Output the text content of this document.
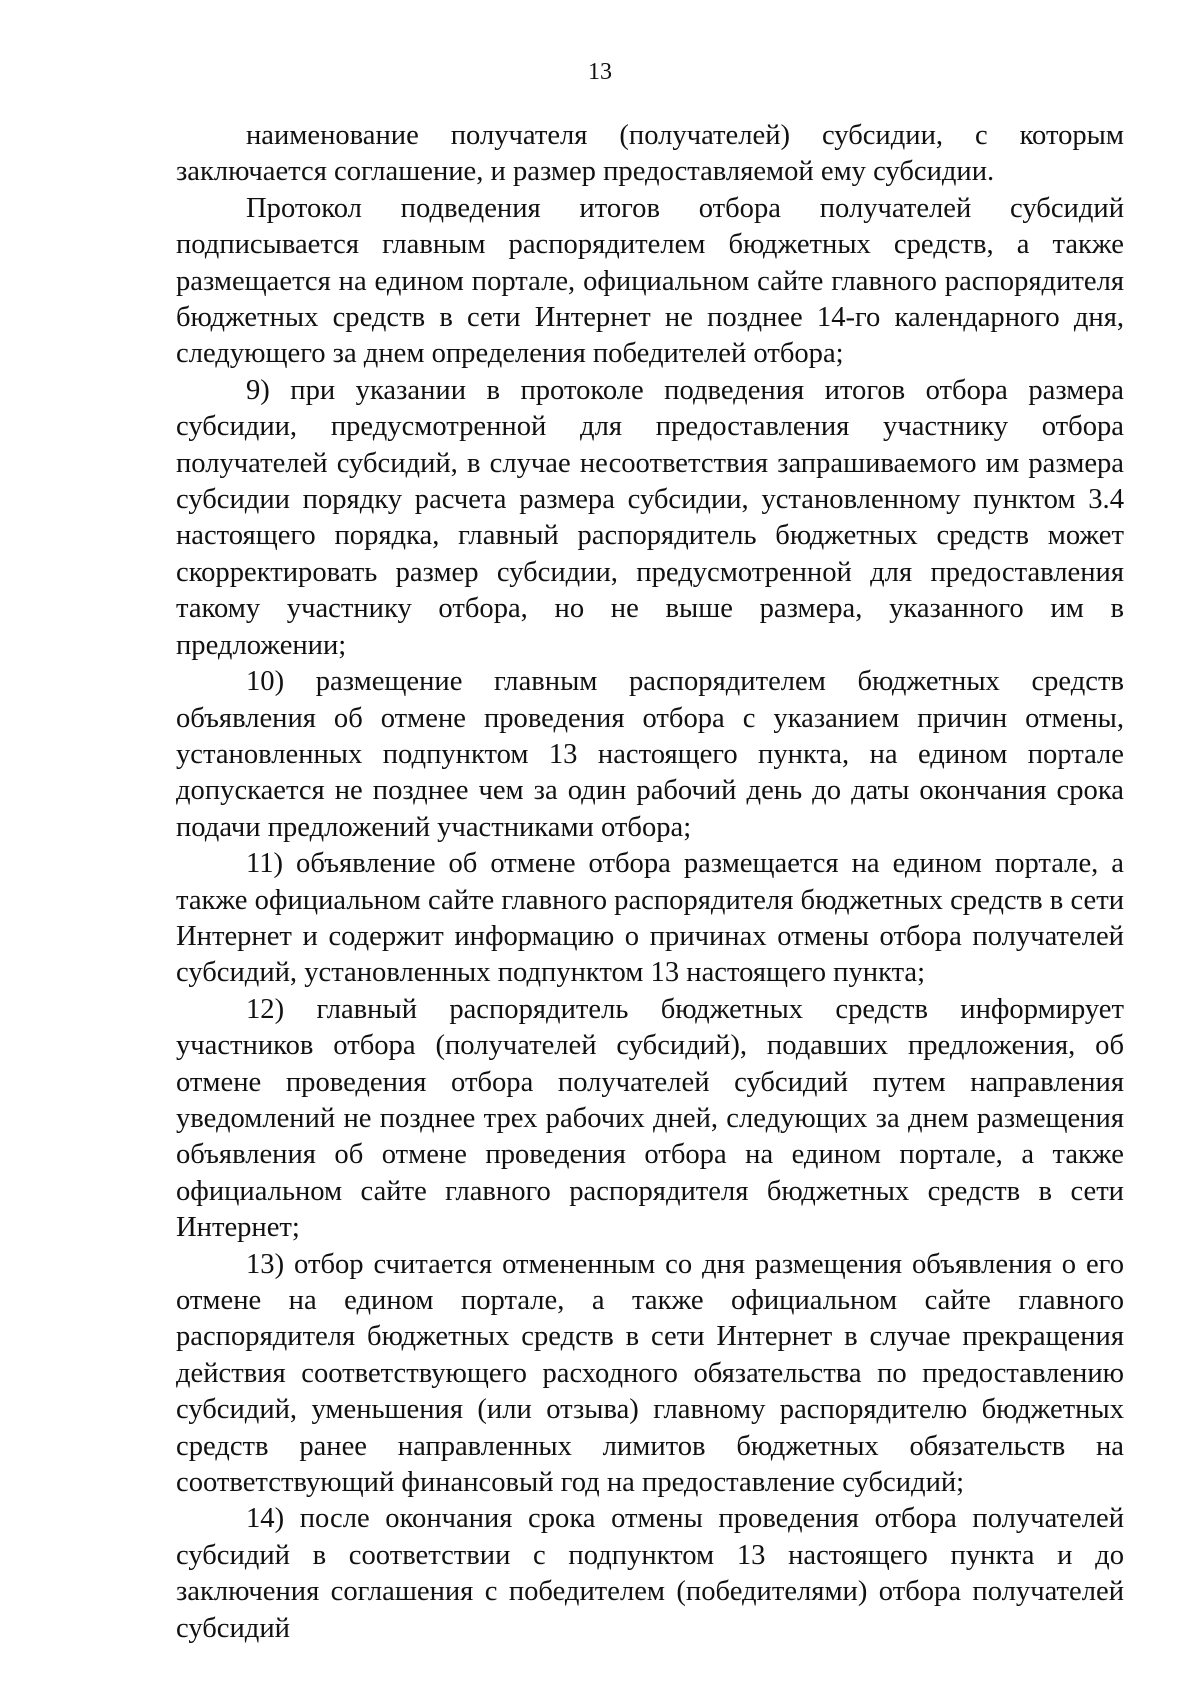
13

наименование получателя (получателей) субсидии, с которым заключается соглашение, и размер предоставляемой ему субсидии.

Протокол подведения итогов отбора получателей субсидий подписывается главным распорядителем бюджетных средств, а также размещается на едином портале, официальном сайте главного распорядителя бюджетных средств в сети Интернет не позднее 14-го календарного дня, следующего за днем определения победителей отбора;

9) при указании в протоколе подведения итогов отбора размера субсидии, предусмотренной для предоставления участнику отбора получателей субсидий, в случае несоответствия запрашиваемого им размера субсидии порядку расчета размера субсидии, установленному пунктом 3.4 настоящего порядка, главный распорядитель бюджетных средств может скорректировать размер субсидии, предусмотренной для предоставления такому участнику отбора, но не выше размера, указанного им в предложении;

10) размещение главным распорядителем бюджетных средств объявления об отмене проведения отбора с указанием причин отмены, установленных подпунктом 13 настоящего пункта, на едином портале допускается не позднее чем за один рабочий день до даты окончания срока подачи предложений участниками отбора;

11) объявление об отмене отбора размещается на едином портале, а также официальном сайте главного распорядителя бюджетных средств в сети Интернет и содержит информацию о причинах отмены отбора получателей субсидий, установленных подпунктом 13 настоящего пункта;

12) главный распорядитель бюджетных средств информирует участников отбора (получателей субсидий), подавших предложения, об отмене проведения отбора получателей субсидий путем направления уведомлений не позднее трех рабочих дней, следующих за днем размещения объявления об отмене проведения отбора на едином портале, а также официальном сайте главного распорядителя бюджетных средств в сети Интернет;

13) отбор считается отмененным со дня размещения объявления о его отмене на едином портале, а также официальном сайте главного распорядителя бюджетных средств в сети Интернет в случае прекращения действия соответствующего расходного обязательства по предоставлению субсидий, уменьшения (или отзыва) главному распорядителю бюджетных средств ранее направленных лимитов бюджетных обязательств на соответствующий финансовый год на предоставление субсидий;

14) после окончания срока отмены проведения отбора получателей субсидий в соответствии с подпунктом 13 настоящего пункта и до заключения соглашения с победителем (победителями) отбора получателей субсидий
